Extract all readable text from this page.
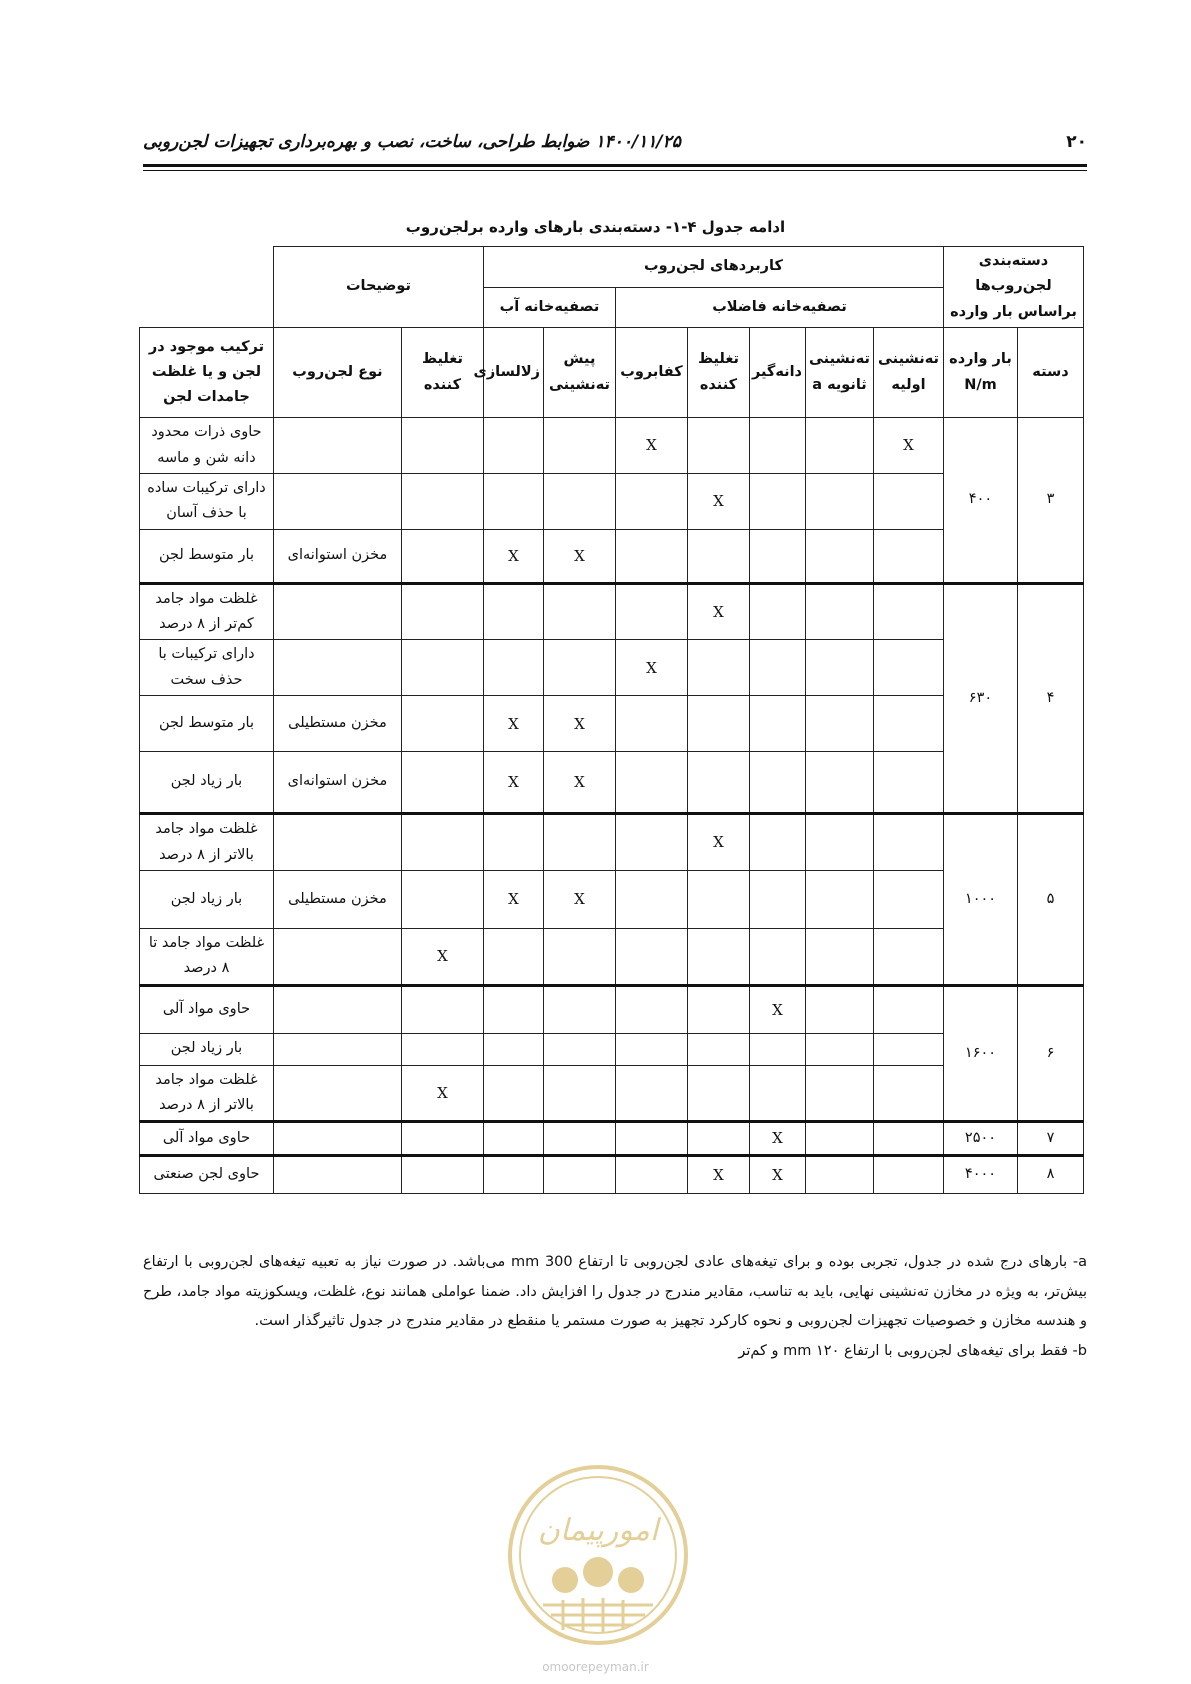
۲۰
۱۴۰۰/۱۱/۲۵ ضوابط طراحی، ساخت، نصب و بهره‌برداری تجهیزات لجن‌روبی
ادامه جدول ۴-۱- دسته‌بندی بارهای وارده برلجن‌روب
دسته‌بندی لجن‌روب‌ها براساس بار وارده		کاربردهای لجن‌روب							توضیحات		
		تصفیه‌خانه فاضلاب					تصفیه‌خانه آب				
دسته	بار وارده N/m	ته‌نشینی اولیه	ته‌نشینی ثانویه a	دانه‌گیر	تغلیظ کننده	کفابروب	پیش ته‌نشینی	زلالسازی	تغلیظ کننده	نوع لجن‌روب	ترکیب موجود در لجن و یا غلظت جامدات لجن
۳	۴۰۰	X				X					حاوی ذرات محدود دانه شن و ماسه
					X						دارای ترکیبات ساده با حذف آسان
							X	X		مخزن استوانه‌ای	بار متوسط لجن
۴	۶۳۰				X						غلظت مواد جامد کم‌تر از ۸ درصد
						X					دارای ترکیبات با حذف سخت
							X	X		مخزن مستطیلی	بار متوسط لجن
							X	X		مخزن استوانه‌ای	بار زیاد لجن
۵	۱۰۰۰				X						غلظت مواد جامد بالاتر از ۸ درصد
							X	X		مخزن مستطیلی	بار زیاد لجن
									X		غلظت مواد جامد تا ۸ درصد
۶	۱۶۰۰			X							حاوی مواد آلی
											بار زیاد لجن
									X		غلظت مواد جامد بالاتر از ۸ درصد
۷	۲۵۰۰			X							حاوی مواد آلی
۸	۴۰۰۰			X	X						حاوی لجن صنعتی

a- بارهای درج شده در جدول، تجربی بوده و برای تیغه‌های عادی لجن‌روبی تا ارتفاع 300 mm می‌باشد. در صورت نیاز به تعبیه تیغه‌های لجن‌روبی با ارتفاع بیش‌تر، به ویژه در مخازن ته‌نشینی نهایی، باید به تناسب، مقادیر مندرج در جدول را افزایش داد. ضمنا عواملی همانند نوع، غلظت، ویسکوزیته مواد جامد، طرح و هندسه مخازن و خصوصیات تجهیزات لجن‌روبی و نحوه کارکرد تجهیز به صورت مستمر یا منقطع در مقادیر مندرج در جدول تاثیرگذار است.

b- فقط برای تیغه‌های لجن‌روبی با ارتفاع mm ۱۲۰ و کم‌تر

امورپیمان
omoorepeyman.ir
